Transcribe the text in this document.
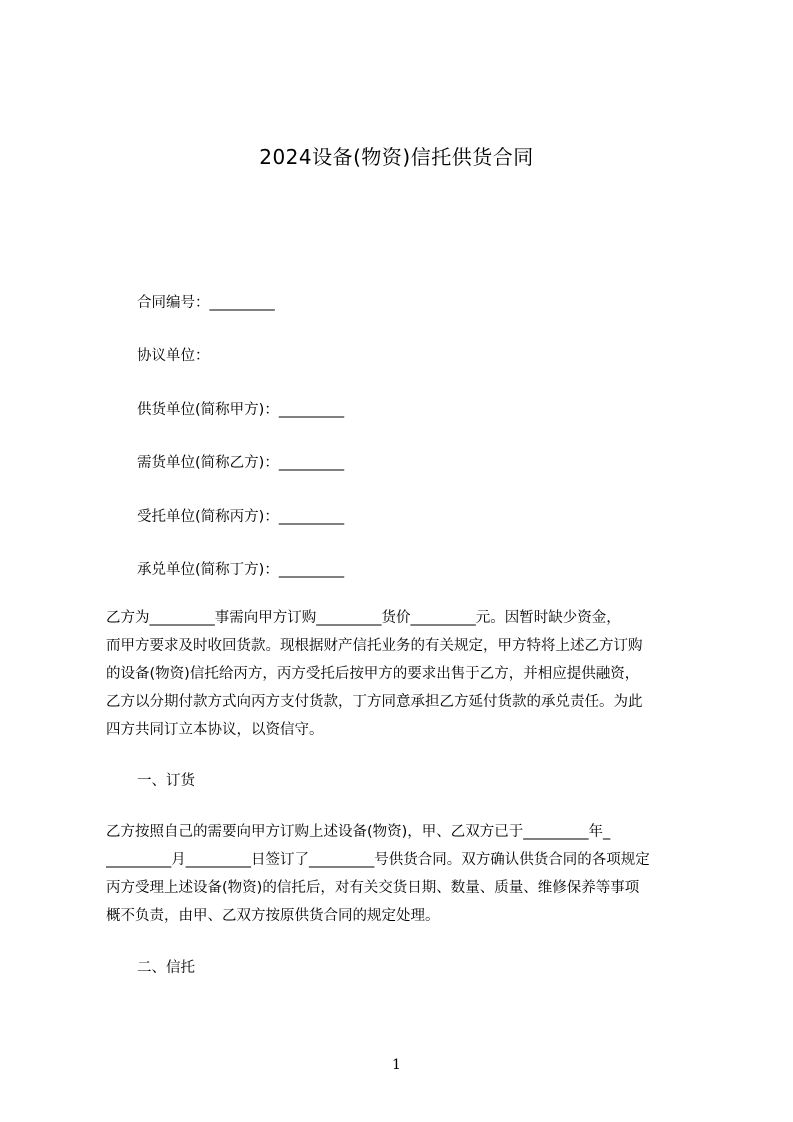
2024设备(物资)信托供货合同
合同编号：_________
协议单位：
供货单位(简称甲方)：_________
需货单位(简称乙方)：_________
受托单位(简称丙方)：_________
承兑单位(简称丁方)：_________
乙方为_________事需向甲方订购_________货价_________元。因暂时缺少资金，
而甲方要求及时收回货款。现根据财产信托业务的有关规定，甲方特将上述乙方订购
的设备(物资)信托给丙方，丙方受托后按甲方的要求出售于乙方，并相应提供融资，
乙方以分期付款方式向丙方支付货款，丁方同意承担乙方延付货款的承兑责任。为此
四方共同订立本协议，以资信守。
一、订货
乙方按照自己的需要向甲方订购上述设备(物资)，甲、乙双方已于_________年_
_________月_________日签订了_________号供货合同。双方确认供货合同的各项规定
丙方受理上述设备(物资)的信托后，对有关交货日期、数量、质量、维修保养等事项
概不负责，由甲、乙双方按原供货合同的规定处理。
二、信托
1
